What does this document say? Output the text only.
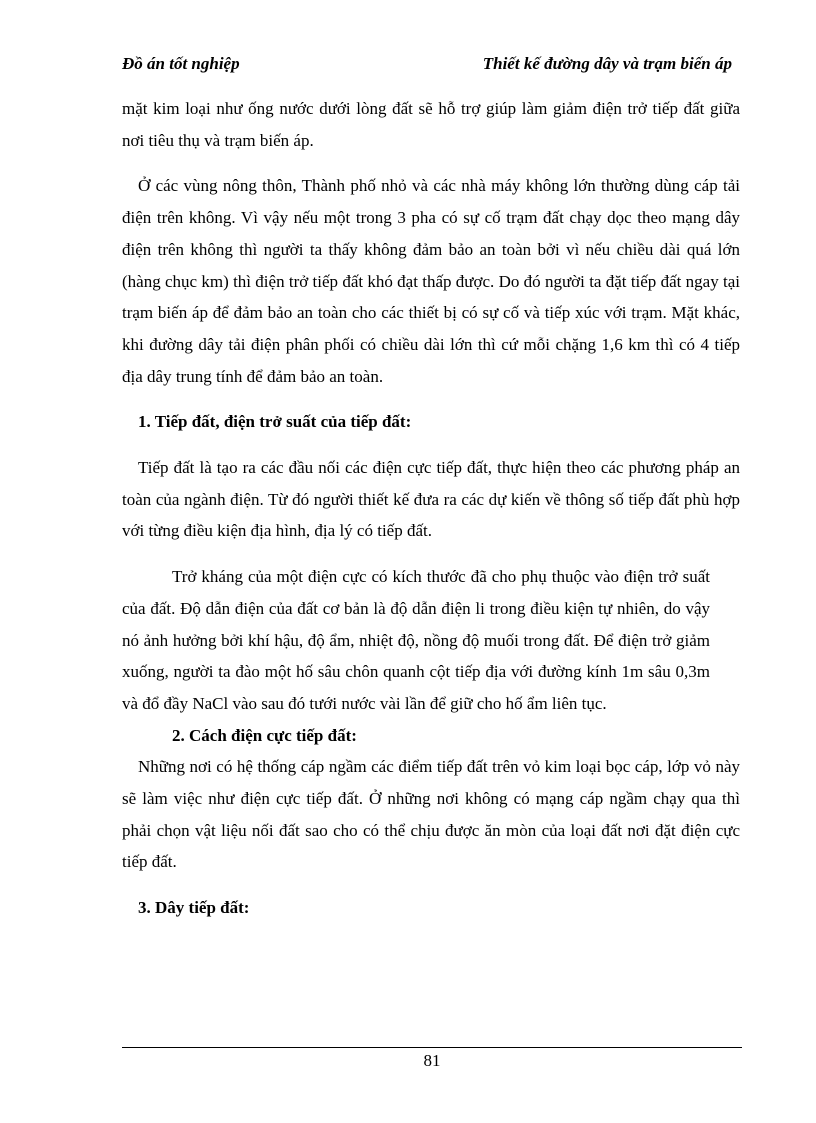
Đồ án tốt nghiệp	Thiết kế đường dây và trạm biến áp

mặt kim loại như ống nước dưới lòng đất sẽ hỗ trợ giúp làm giảm điện trở tiếp đất giữa nơi tiêu thụ và trạm biến áp.

Ở các vùng nông thôn, Thành phố nhỏ và các nhà máy không lớn thường dùng cáp tải điện trên không. Vì vậy nếu một trong 3 pha có sự cố trạm đất chạy dọc theo mạng dây điện trên không thì người ta thấy không đảm bảo an toàn bởi vì nếu chiều dài quá lớn (hàng chục km) thì điện trở tiếp đất khó đạt thấp được. Do đó người ta đặt tiếp đất ngay tại trạm biến áp để đảm bảo an toàn cho các thiết bị có sự cố và tiếp xúc với trạm. Mặt khác, khi đường dây tải điện phân phối có chiều dài lớn thì cứ mỗi chặng 1,6 km thì có 4 tiếp địa dây trung tính để đảm bảo an toàn.

1. Tiếp đất, điện trở suất của tiếp đất:

Tiếp đất là tạo ra các đầu nối các điện cực tiếp đất, thực hiện theo các phương pháp an toàn của ngành điện. Từ đó người thiết kế đưa ra các dự kiến về thông số tiếp đất phù hợp với từng điều kiện địa hình, địa lý có tiếp đất.

Trở kháng của một điện cực có kích thước đã cho phụ thuộc vào điện trở suất của đất. Độ dẫn điện của đất cơ bản là độ dẫn điện li trong điều kiện tự nhiên, do vậy nó ảnh hưởng bởi khí hậu, độ ẩm, nhiệt độ, nồng độ muối trong đất. Để điện trở giảm xuống, người ta đào một hố sâu chôn quanh cột tiếp địa với đường kính 1m sâu 0,3m và đổ đầy NaCl vào sau đó tưới nước vài lần để giữ cho hố ẩm liên tục.

2. Cách điện cực tiếp đất:

Những nơi có hệ thống cáp ngầm các điểm tiếp đất trên vỏ kim loại bọc cáp, lớp vỏ này sẽ làm việc như điện cực tiếp đất. Ở những nơi không có mạng cáp ngầm chạy qua thì phải chọn vật liệu nối đất sao cho có thể chịu được ăn mòn của loại đất nơi đặt điện cực tiếp đất.

3. Dây tiếp đất:

81
